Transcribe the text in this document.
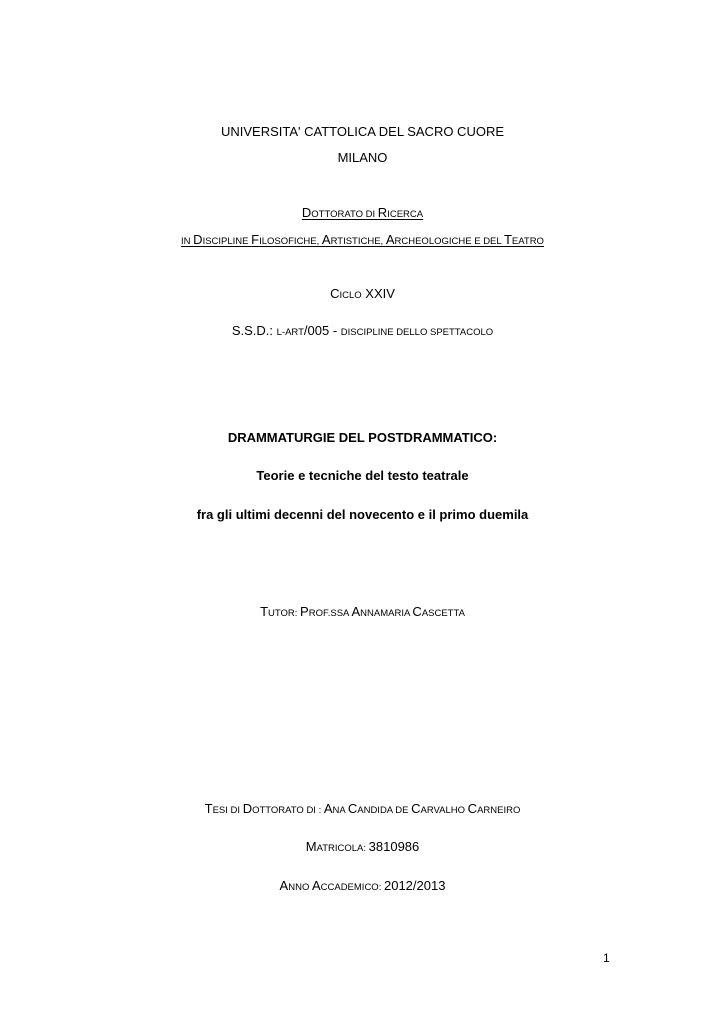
UNIVERSITA' CATTOLICA DEL SACRO CUORE
MILANO
DOTTORATO DI RICERCA
IN DISCIPLINE FILOSOFICHE, ARTISTICHE, ARCHEOLOGICHE E DEL TEATRO
CICLO XXIV
S.S.D.: L-ART/005 - DISCIPLINE DELLO SPETTACOLO
DRAMMATURGIE DEL POSTDRAMMATICO:
Teorie e tecniche del testo teatrale
fra gli ultimi decenni del novecento e il primo duemila
TUTOR: PROF.SSA ANNAMARIA CASCETTA
TESI DI DOTTORATO DI : ANA CANDIDA DE CARVALHO CARNEIRO
MATRICOLA: 3810986
ANNO ACCADEMICO: 2012/2013
1
